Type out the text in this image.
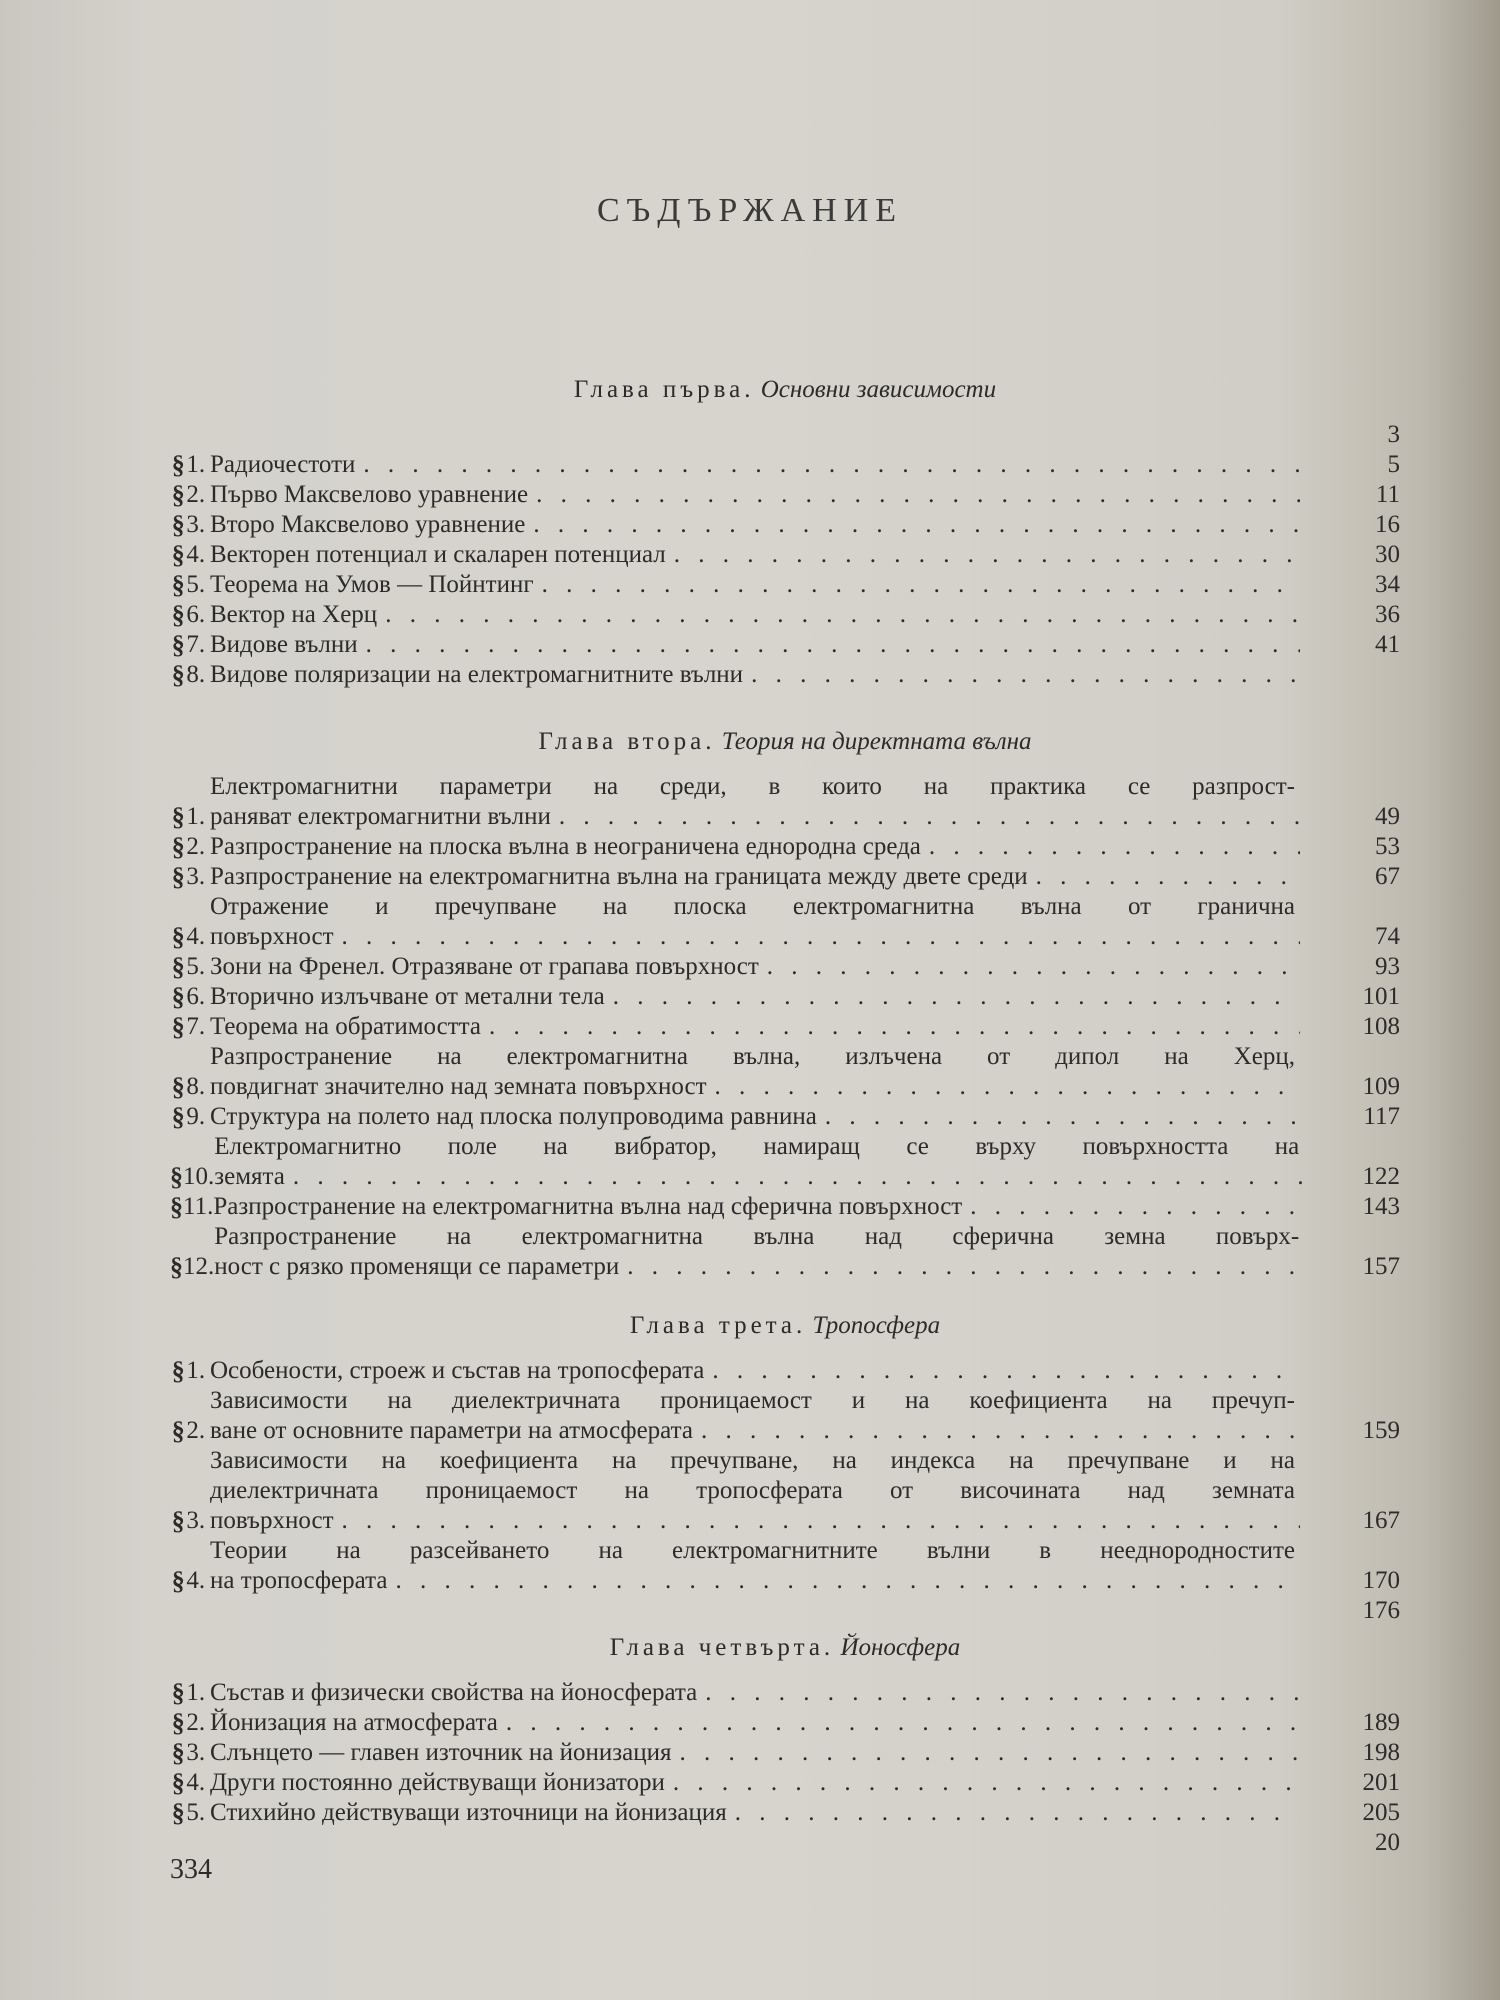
СЪДЪРЖАНИЕ
Глава първа. Основни зависимости
3
§ 1. Радиочестоти . . .	5
§ 2. Първо Максвелово уравнение . . .	11
§ 3. Второ Максвелово уравнение . . .	16
§ 4. Векторен потенциал и скаларен потенциал . . .	30
§ 5. Теорема на Умов — Пойнтинг . . .	34
§ 6. Вектор на Херц . . .	36
§ 7. Видове вълни . . .	41
§ 8. Видове поляризации на електромагнитните вълни
. . .
Глава втора. Теория на директната вълна
§ 1.
Електромагнитни параметри на среди, в които на практика се разпрост-
раняват електромагнитни вълни . . .	49
§ 2. Разпространение на плоска вълна в неограничена еднородна среда . . .	53
§ 3. Разпространение на електромагнитна вълна на границата между двете среди . . .	67
§ 4.
Отражение и пречупване на плоска електромагнитна вълна от гранична
повърхност . . .	74
§ 5. Зони на Френел. Отразяване от грапава повърхност . . .	93
§ 6. Вторично излъчване от метални тела . . .	101
§ 7. Теорема на обратимостта . . .	108
§ 8.
Разпространение на електромагнитна вълна, излъчена от дипол на Херц,
повдигнат значително над земната повърхност . . .	109
§ 9. Структура на полето над плоска полупроводима равнина . . .	117
§ 10.
Електромагнитно поле на вибратор, намиращ се върху повърхността на
земята . . .	122
§ 11. Разпространение на електромагнитна вълна над сферична повърхност . . .	143
§ 12.
Разпространение на електромагнитна вълна над сферична земна повърх-
ност с рязко променящи се параметри . . .	157
Глава трета. Тропосфера
§ 1. Особености, строеж и състав на тропосферата
. . .
§ 2.
Зависимости на диелектричната проницаемост и на коефициента на пречуп-
ване от основните параметри на атмосферата . . .	159
§ 3.
Зависимости на коефициента на пречупване, на индекса на пречупване и на
диелектричната проницаемост на тропосферата от височината над земната
повърхност . . .	167
§ 4.
Теории на разсейването на електромагнитните вълни в нееднородностите
на тропосферата . . .	170
176
Глава четвърта. Йоносфера
§ 1. Състав и физически свойства на йоносферата
. . .
§ 2. Йонизация на атмосферата . . .	189
§ 3. Слънцето — главен източник на йонизация . . .	198
§ 4. Други постоянно действуващи йонизатори . . .	201
§ 5. Стихийно действуващи източници на йонизация . . .	205
20
334
